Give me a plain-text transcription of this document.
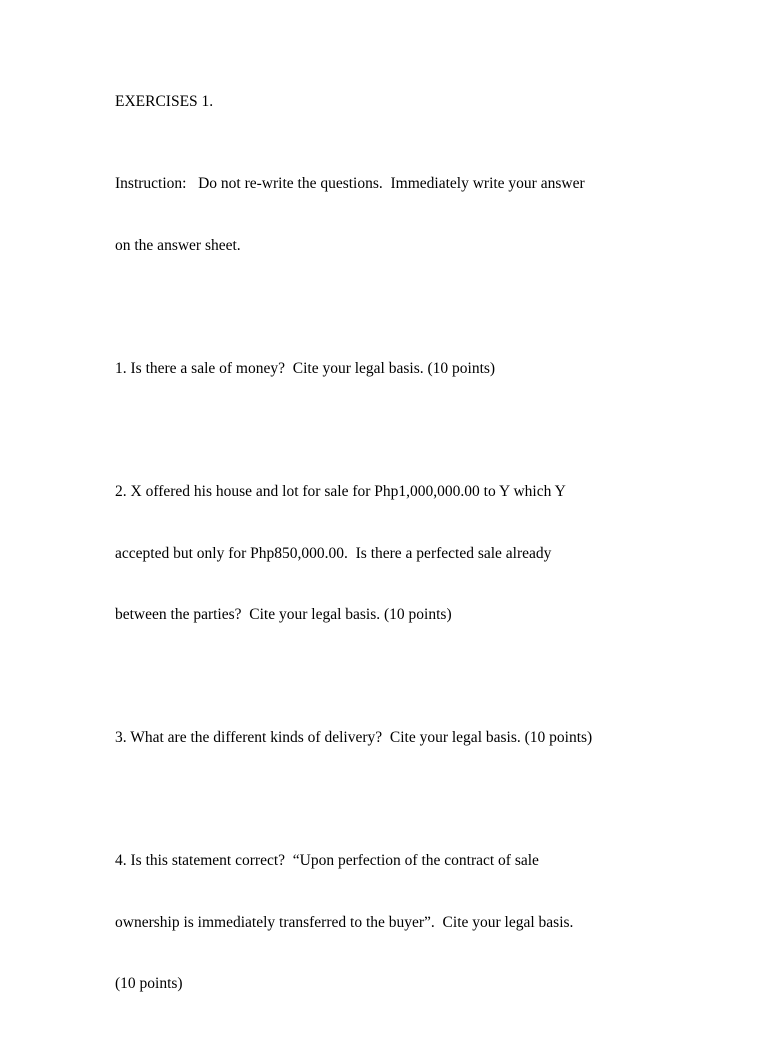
EXERCISES 1.

Instruction:   Do not re-write the questions.  Immediately write your answer

on the answer sheet.

1. Is there a sale of money?  Cite your legal basis. (10 points)

2. X offered his house and lot for sale for Php1,000,000.00 to Y which Y

accepted but only for Php850,000.00.  Is there a perfected sale already

between the parties?  Cite your legal basis. (10 points)

3. What are the different kinds of delivery?  Cite your legal basis. (10 points)

4. Is this statement correct?  “Upon perfection of the contract of sale

ownership is immediately transferred to the buyer”.  Cite your legal basis.

(10 points)
